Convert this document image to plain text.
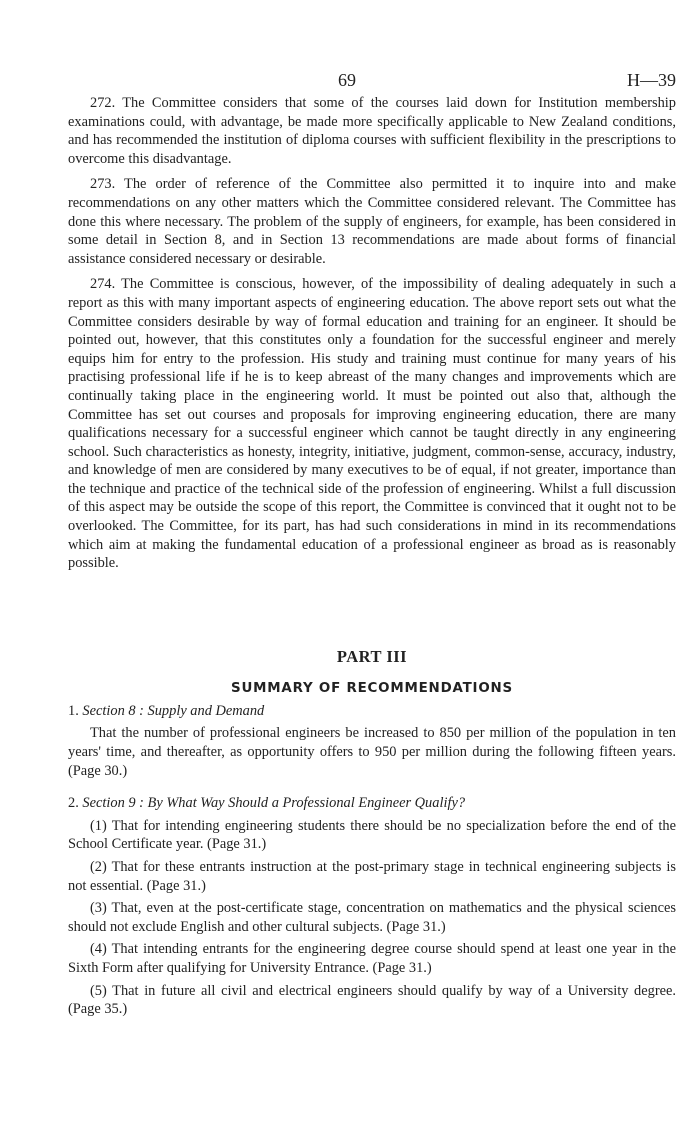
69	H—39

272. The Committee considers that some of the courses laid down for Institution membership examinations could, with advantage, be made more specifically applicable to New Zealand conditions, and has recommended the institution of diploma courses with sufficient flexibility in the prescriptions to overcome this disadvantage.

273. The order of reference of the Committee also permitted it to inquire into and make recommendations on any other matters which the Committee considered relevant. The Committee has done this where necessary. The problem of the supply of engineers, for example, has been considered in some detail in Section 8, and in Section 13 recommendations are made about forms of financial assistance considered necessary or desirable.

274. The Committee is conscious, however, of the impossibility of dealing adequately in such a report as this with many important aspects of engineering education. The above report sets out what the Committee considers desirable by way of formal education and training for an engineer. It should be pointed out, however, that this constitutes only a foundation for the successful engineer and merely equips him for entry to the profession. His study and training must continue for many years of his practising professional life if he is to keep abreast of the many changes and improvements which are continually taking place in the engineering world. It must be pointed out also that, although the Committee has set out courses and proposals for improving engineering education, there are many qualifications necessary for a successful engineer which cannot be taught directly in any engineering school. Such characteristics as honesty, integrity, initiative, judgment, common-sense, accuracy, industry, and knowledge of men are considered by many executives to be of equal, if not greater, importance than the technique and practice of the technical side of the profession of engineering. Whilst a full discussion of this aspect may be outside the scope of this report, the Committee is convinced that it ought not to be overlooked. The Committee, for its part, has had such considerations in mind in its recommendations which aim at making the fundamental education of a professional engineer as broad as is reasonably possible.

PART III
SUMMARY OF RECOMMENDATIONS
1. Section 8 : Supply and Demand

That the number of professional engineers be increased to 850 per million of the population in ten years' time, and thereafter, as opportunity offers to 950 per million during the following fifteen years. (Page 30.)

2. Section 9 : By What Way Should a Professional Engineer Qualify?

(1) That for intending engineering students there should be no specialization before the end of the School Certificate year. (Page 31.)

(2) That for these entrants instruction at the post-primary stage in technical engineering subjects is not essential. (Page 31.)

(3) That, even at the post-certificate stage, concentration on mathematics and the physical sciences should not exclude English and other cultural subjects. (Page 31.)

(4) That intending entrants for the engineering degree course should spend at least one year in the Sixth Form after qualifying for University Entrance. (Page 31.)

(5) That in future all civil and electrical engineers should qualify by way of a University degree. (Page 35.)
